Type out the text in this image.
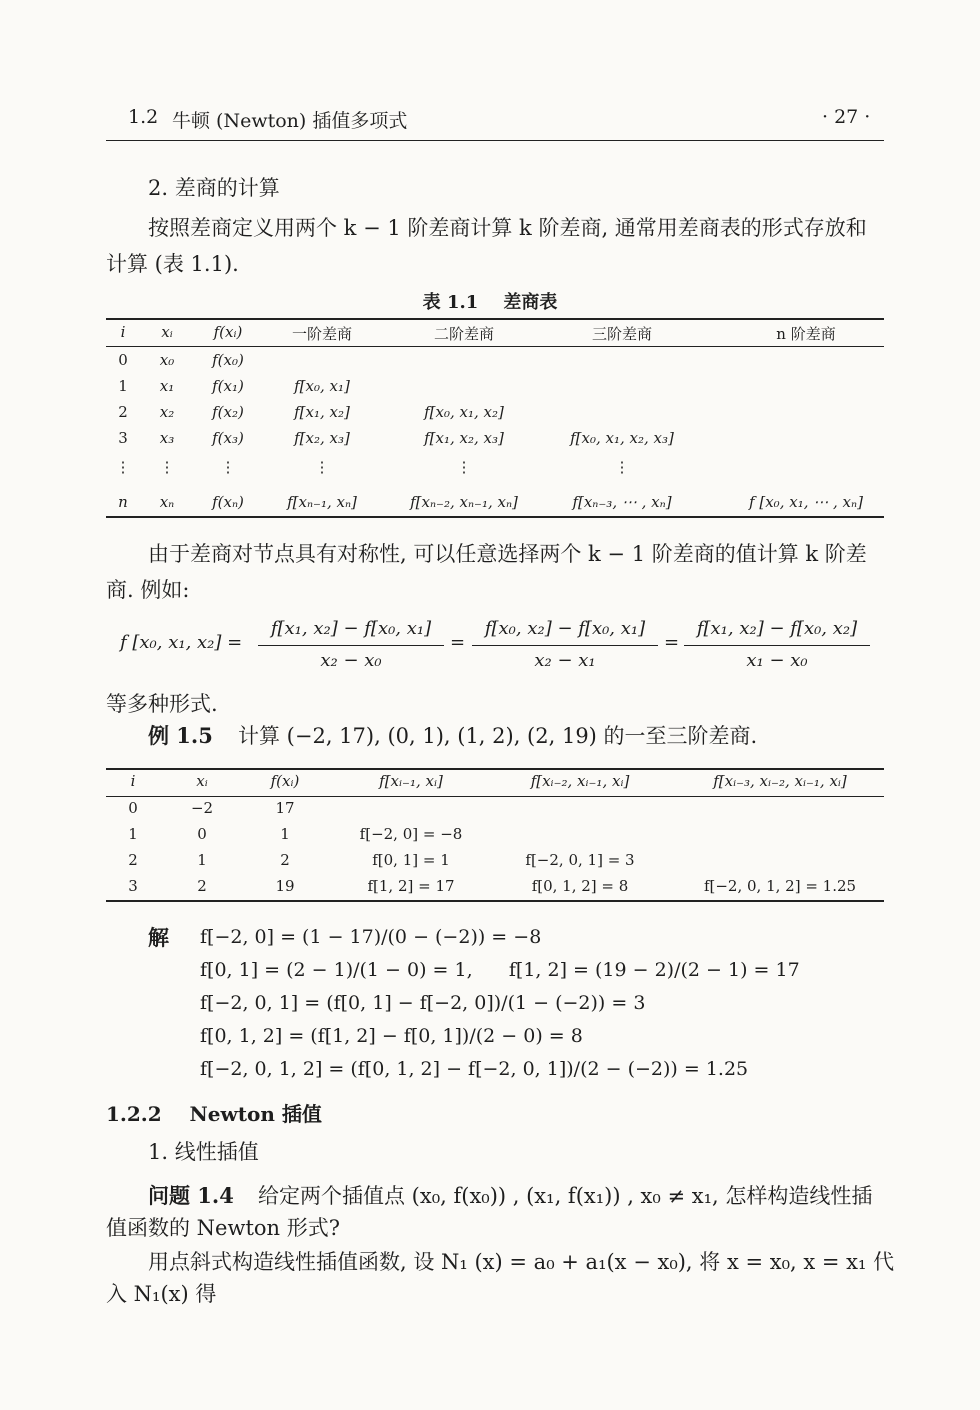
1.2 牛顿 (Newton) 插值多项式	· 27 ·
2. 差商的计算
按照差商定义用两个 k − 1 阶差商计算 k 阶差商, 通常用差商表的形式存放和
计算 (表 1.1).
表 1.1    差商表
i xᵢ	f(xᵢ)	一阶差商	二阶差商	三阶差商	n 阶差商
0 x₀	f(x₀)
1 x₁	f(x₁)	f[x₀, x₁]
2 x₂	f(x₂)	f[x₁, x₂]	f[x₀, x₁, x₂]
3 x₃	f(x₃)	f[x₂, x₃]	f[x₁, x₂, x₃]	f[x₀, x₁, x₂, x₃]
⋮ ⋮	⋮	⋮	⋮	⋮
n xₙ	f(xₙ)	f[xₙ₋₁, xₙ]	f[xₙ₋₂, xₙ₋₁, xₙ]	f[xₙ₋₃, ⋯ , xₙ]	f [x₀, x₁, ⋯ , xₙ]
由于差商对节点具有对称性, 可以任意选择两个 k − 1 阶差商的值计算 k 阶差
商. 例如:
f [x₀, x₁, x₂] =
f[x₁, x₂] − f[x₀, x₁]
x₂ − x₀
=
f[x₀, x₂] − f[x₀, x₁]
x₂ − x₁
=
f[x₁, x₂] − f[x₀, x₂]
x₁ − x₀
等多种形式.
例 1.5 计算 (−2, 17), (0, 1), (1, 2), (2, 19) 的一至三阶差商.
i	xᵢ	f(xᵢ)	f[xᵢ₋₁, xᵢ]	f[xᵢ₋₂, xᵢ₋₁, xᵢ]	f[xᵢ₋₃, xᵢ₋₂, xᵢ₋₁, xᵢ]
0	−2	17
1	0	1	f[−2, 0] = −8
2	1	2	f[0, 1] = 1	f[−2, 0, 1] = 3
3	2	19	f[1, 2] = 17	f[0, 1, 2] = 8	f[−2, 0, 1, 2] = 1.25
解 f[−2, 0] = (1 − 17)/(0 − (−2)) = −8
f[0, 1] = (2 − 1)/(1 − 0) = 1,      f[1, 2] = (19 − 2)/(2 − 1) = 17
f[−2, 0, 1] = (f[0, 1] − f[−2, 0])/(1 − (−2)) = 3
f[0, 1, 2] = (f[1, 2] − f[0, 1])/(2 − 0) = 8
f[−2, 0, 1, 2] = (f[0, 1, 2] − f[−2, 0, 1])/(2 − (−2)) = 1.25
1.2.2    Newton 插值
1. 线性插值
问题 1.4 给定两个插值点 (x₀, f(x₀)) , (x₁, f(x₁)) , x₀ ≠ x₁, 怎样构造线性插
值函数的 Newton 形式?
用点斜式构造线性插值函数, 设 N₁ (x) = a₀ + a₁(x − x₀), 将 x = x₀, x = x₁ 代
入 N₁(x) 得
